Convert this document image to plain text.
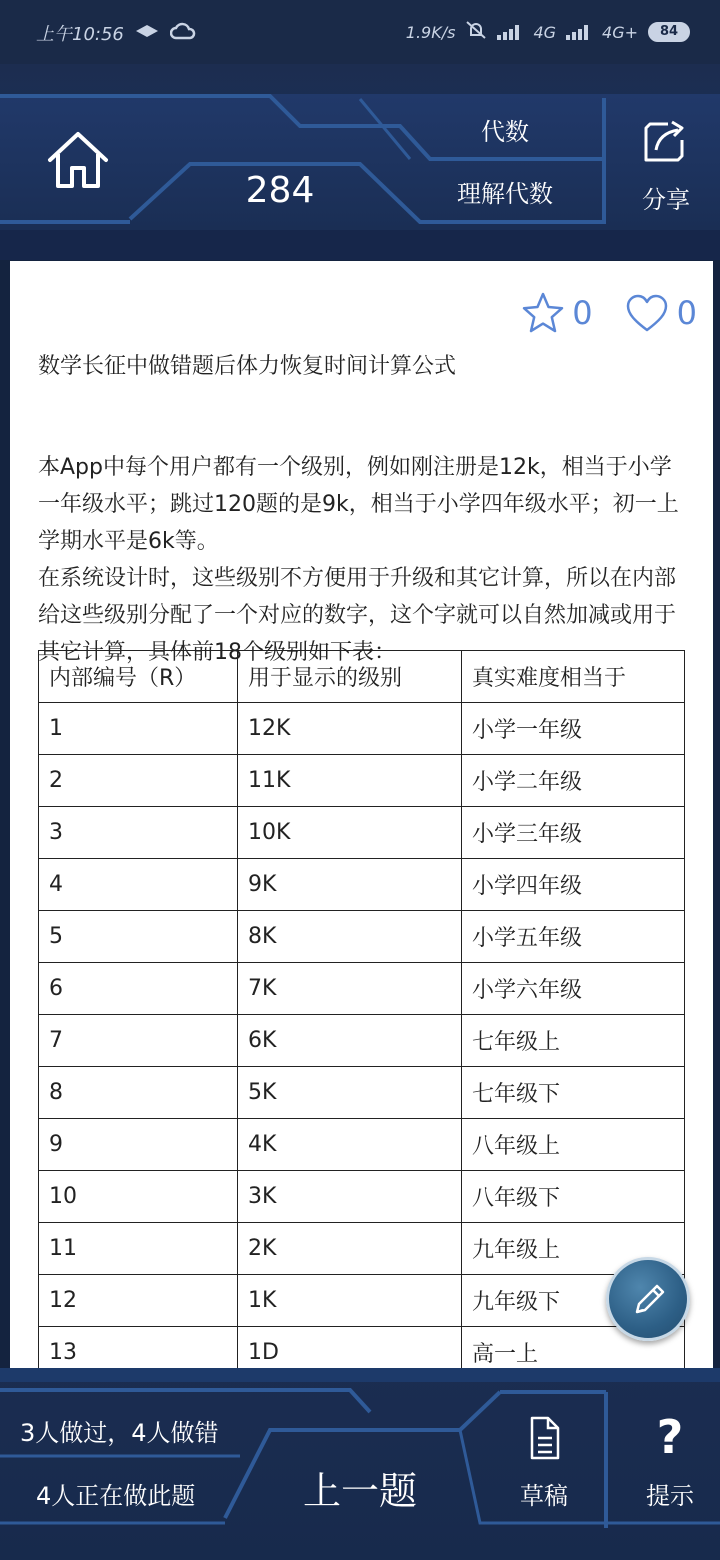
上午10:56	1.9K/s	4G	4G+	84
284
代数
理解代数	分享
0	0
数学长征中做错题后体力恢复时间计算公式
本App中每个用户都有一个级别，例如刚注册是12k，相当于小学一年级水平；跳过120题的是9k，相当于小学四年级水平；初一上学期水平是6k等。
在系统设计时，这些级别不方便用于升级和其它计算，所以在内部给这些级别分配了一个对应的数字，这个字就可以自然加减或用于其它计算，具体前18个级别如下表：
内部编号（R）	用于显示的级别	真实难度相当于
1	12K	小学一年级
2	11K	小学二年级
3	10K	小学三年级
4	9K	小学四年级
5	8K	小学五年级
6	7K	小学六年级
7	6K	七年级上
8	5K	七年级下
9	4K	八年级上
10	3K	八年级下
11	2K	九年级上
12	1K	九年级下
13	1D	高一上
3人做过，4人做错
4人正在做此题	上一题	草稿
?
提示
